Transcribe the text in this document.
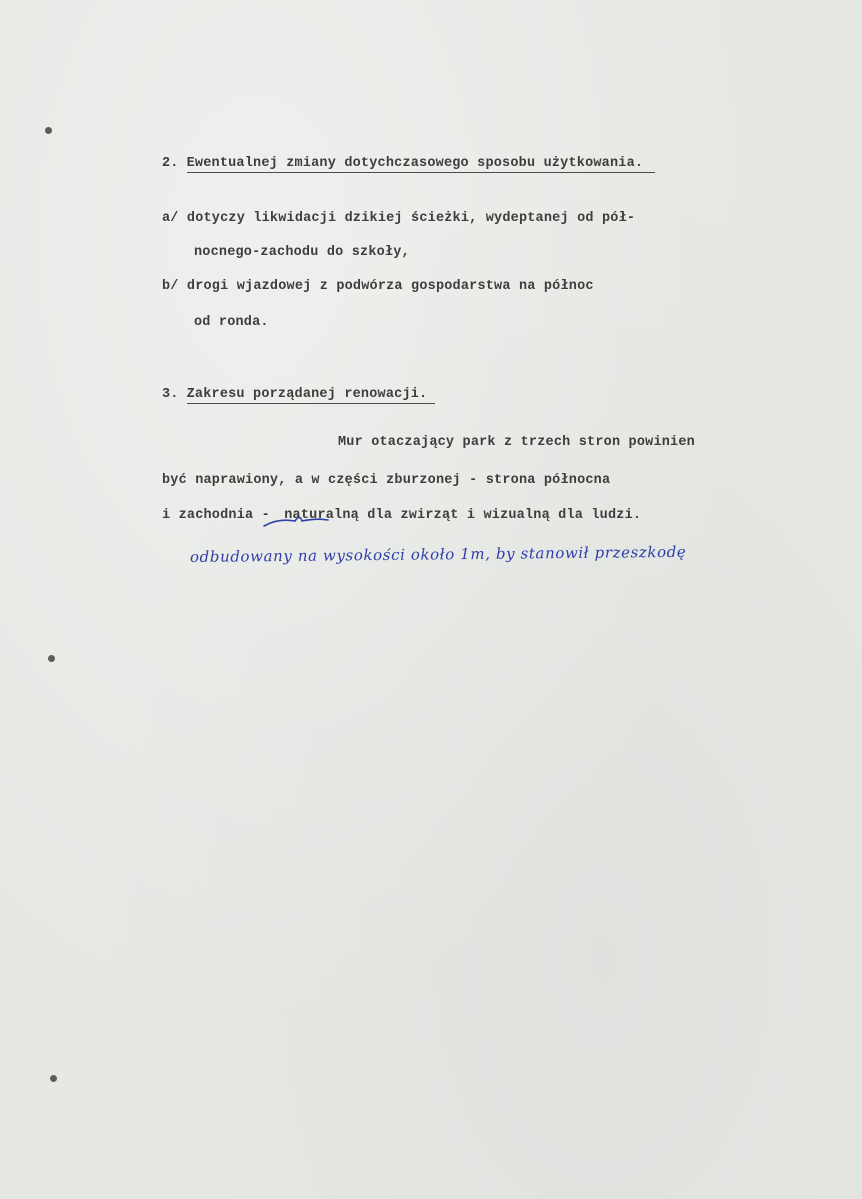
2. Ewentualnej zmiany dotychczasowego sposobu użytkowania.
a/ dotyczy likwidacji dzikiej ścieżki, wydeptanej od pół-
nocnego-zachodu do szkoły,
b/ drogi wjazdowej z podwórza gospodarstwa na północ
od ronda.
3. Zakresu porządanej renowacji.
Mur otaczający park z trzech stron powinien
być naprawiony, a w części zburzonej - strona północna
i zachodnia - naturalną dla zwirząt i wizualną dla ludzi.
odbudowany na wysokości około 1m, by stanowił przeszkodę
